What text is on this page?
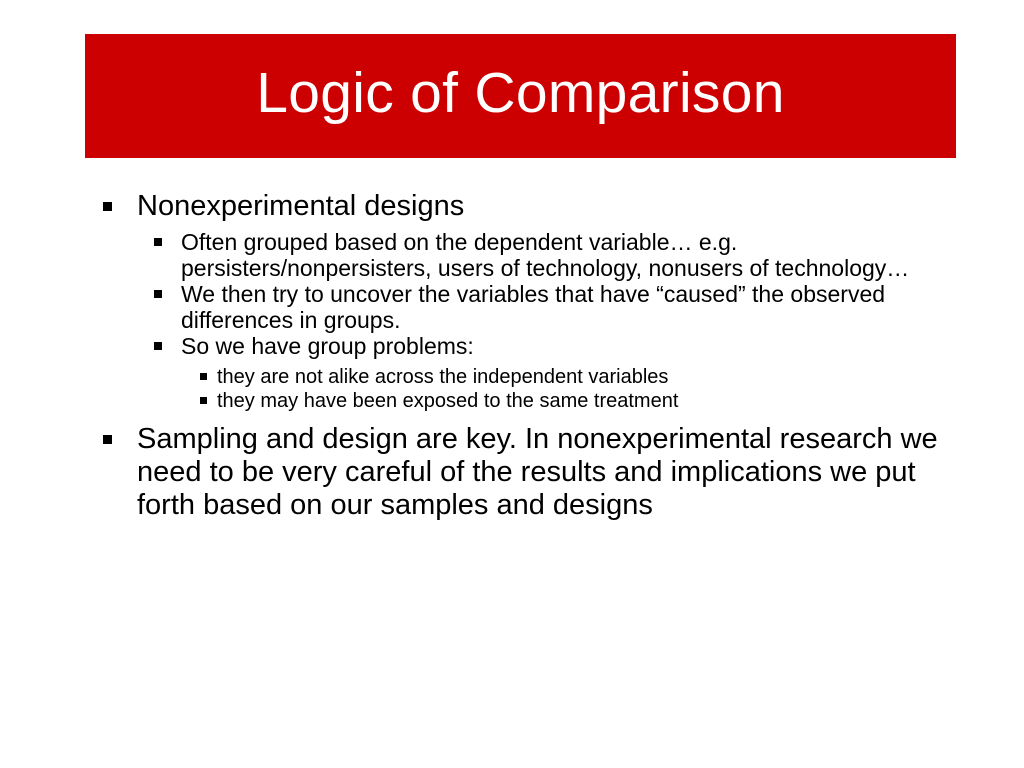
Logic of Comparison
Nonexperimental designs
Often grouped based on the dependent variable… e.g. persisters/nonpersisters, users of technology, nonusers of technology…
We then try to uncover the variables that have “caused” the observed differences in groups.
So we have group problems:
they are not alike across the independent variables
they may have been exposed to the same treatment
Sampling and design are key. In nonexperimental research we need to be very careful of the results and implications we put forth based on our samples and designs
